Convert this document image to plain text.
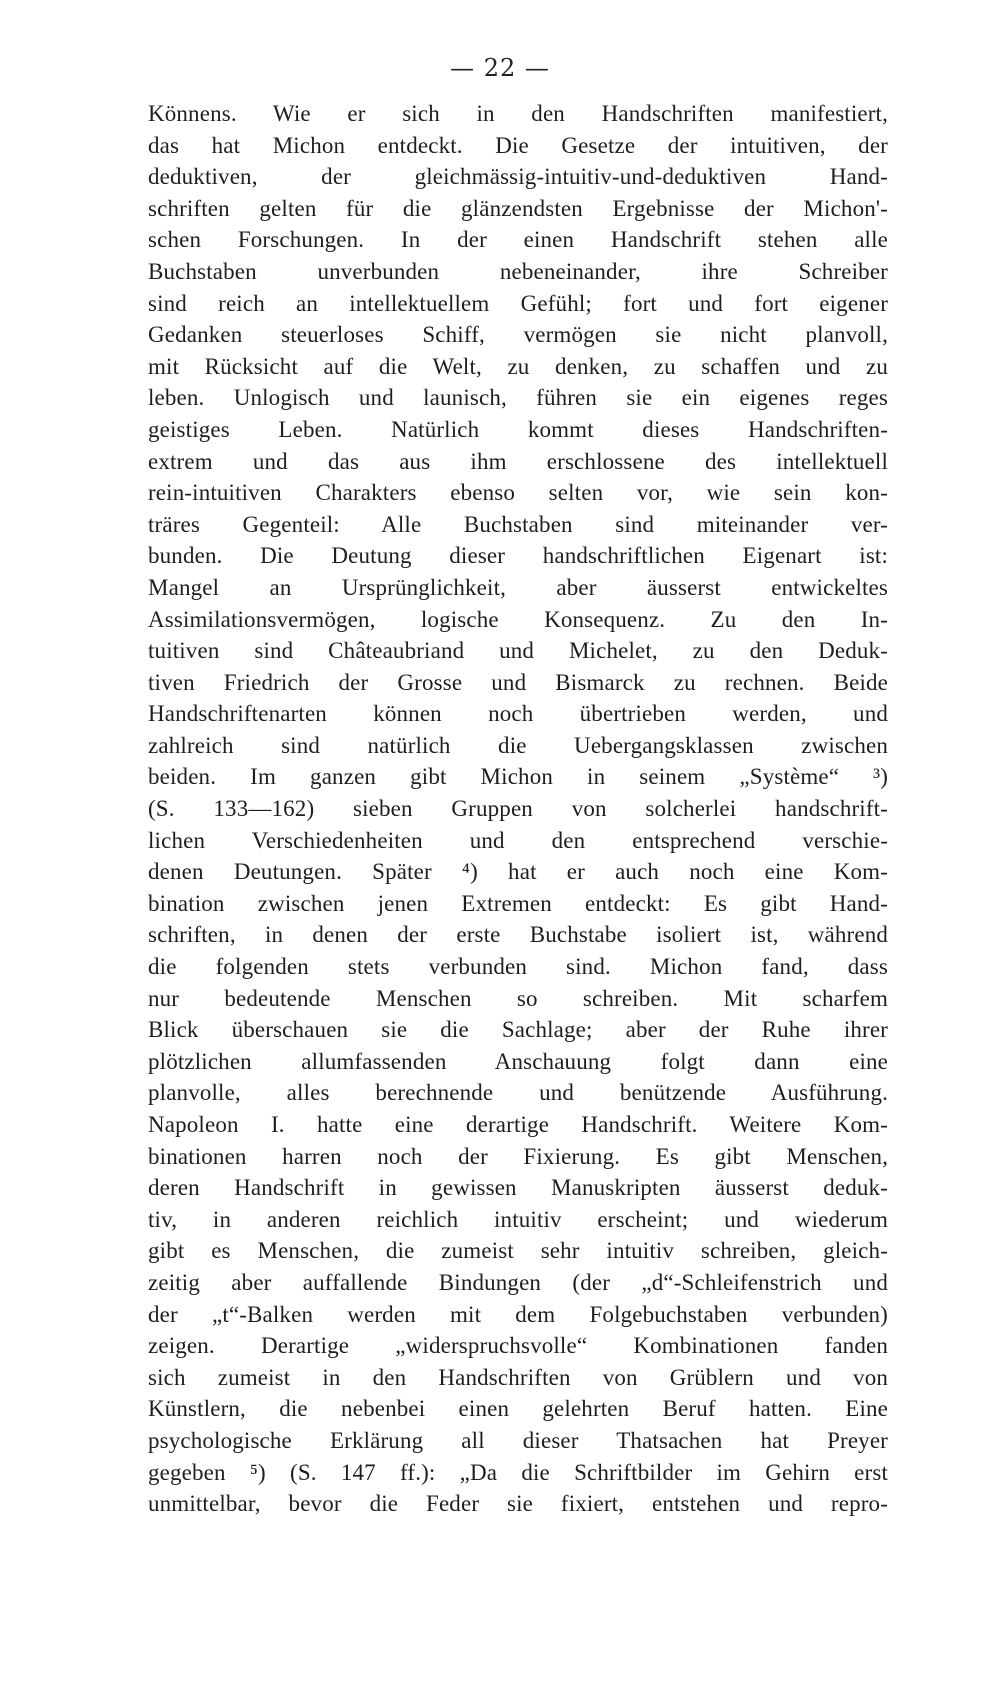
— 22 —
Könnens. Wie er sich in den Handschriften manifestiert,
das hat Michon entdeckt. Die Gesetze der intuitiven, der
deduktiven, der gleichmässig-intuitiv-und-deduktiven Hand-
schriften gelten für die glänzendsten Ergebnisse der Michon'-
schen Forschungen. In der einen Handschrift stehen alle
Buchstaben unverbunden nebeneinander, ihre Schreiber
sind reich an intellektuellem Gefühl; fort und fort eigener
Gedanken steuerloses Schiff, vermögen sie nicht planvoll,
mit Rücksicht auf die Welt, zu denken, zu schaffen und zu
leben. Unlogisch und launisch, führen sie ein eigenes reges
geistiges Leben. Natürlich kommt dieses Handschriften-
extrem und das aus ihm erschlossene des intellektuell
rein-intuitiven Charakters ebenso selten vor, wie sein kon-
träres Gegenteil: Alle Buchstaben sind miteinander ver-
bunden. Die Deutung dieser handschriftlichen Eigenart ist:
Mangel an Ursprünglichkeit, aber äusserst entwickeltes
Assimilationsvermögen, logische Konsequenz. Zu den In-
tuitiven sind Châteaubriand und Michelet, zu den Deduk-
tiven Friedrich der Grosse und Bismarck zu rechnen. Beide
Handschriftenarten können noch übertrieben werden, und
zahlreich sind natürlich die Uebergangsklassen zwischen
beiden. Im ganzen gibt Michon in seinem „Système“ ³)
(S. 133—162) sieben Gruppen von solcherlei handschrift-
lichen Verschiedenheiten und den entsprechend verschie-
denen Deutungen. Später ⁴) hat er auch noch eine Kom-
bination zwischen jenen Extremen entdeckt: Es gibt Hand-
schriften, in denen der erste Buchstabe isoliert ist, während
die folgenden stets verbunden sind. Michon fand, dass
nur bedeutende Menschen so schreiben. Mit scharfem
Blick überschauen sie die Sachlage; aber der Ruhe ihrer
plötzlichen allumfassenden Anschauung folgt dann eine
planvolle, alles berechnende und benützende Ausführung.
Napoleon I. hatte eine derartige Handschrift. Weitere Kom-
binationen harren noch der Fixierung. Es gibt Menschen,
deren Handschrift in gewissen Manuskripten äusserst deduk-
tiv, in anderen reichlich intuitiv erscheint; und wiederum
gibt es Menschen, die zumeist sehr intuitiv schreiben, gleich-
zeitig aber auffallende Bindungen (der „d“-Schleifenstrich und
der „t“-Balken werden mit dem Folgebuchstaben verbunden)
zeigen. Derartige „widerspruchsvolle“ Kombinationen fanden
sich zumeist in den Handschriften von Grüblern und von
Künstlern, die nebenbei einen gelehrten Beruf hatten. Eine
psychologische Erklärung all dieser Thatsachen hat Preyer
gegeben ⁵) (S. 147 ff.): „Da die Schriftbilder im Gehirn erst
unmittelbar, bevor die Feder sie fixiert, entstehen und repro-
